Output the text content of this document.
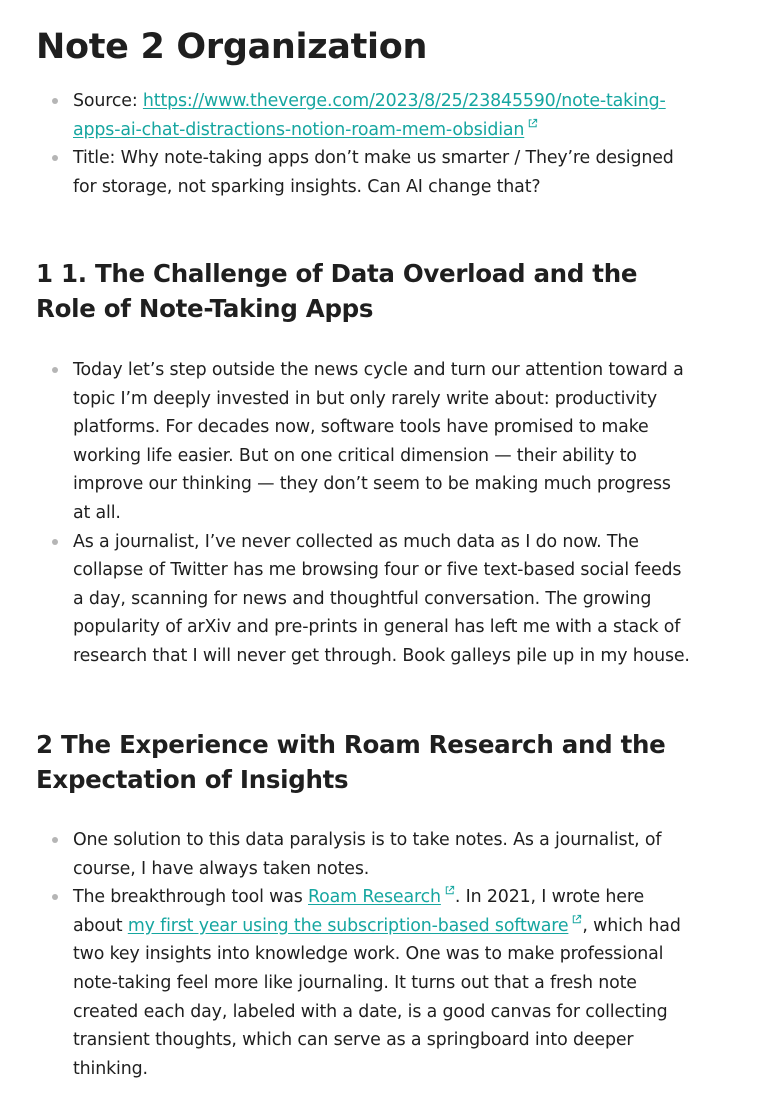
Note 2 Organization
Source: https://www.theverge.com/2023/8/25/23845590/note-taking-
apps-ai-chat-distractions-notion-roam-mem-obsidian
Title: Why note-taking apps don’t make us smarter / They’re designed for storage, not sparking insights. Can AI change that?
1 1. The Challenge of Data Overload and the Role of Note-Taking Apps
Today let’s step outside the news cycle and turn our attention toward a topic I’m deeply invested in but only rarely write about: productivity platforms. For decades now, software tools have promised to make working life easier. But on one critical dimension — their ability to improve our thinking — they don’t seem to be making much progress at all.
As a journalist, I’ve never collected as much data as I do now. The collapse of Twitter has me browsing four or five text-based social feeds a day, scanning for news and thoughtful conversation. The growing popularity of arXiv and pre-prints in general has left me with a stack of research that I will never get through. Book galleys pile up in my house.
2 The Experience with Roam Research and the Expectation of Insights
One solution to this data paralysis is to take notes. As a journalist, of course, I have always taken notes.
The breakthrough tool was Roam Research . In 2021, I wrote here about my first year using the subscription-based software , which had two key insights into knowledge work. One was to make professional note-taking feel more like journaling. It turns out that a fresh note created each day, labeled with a date, is a good canvas for collecting transient thoughts, which can serve as a springboard into deeper thinking.
